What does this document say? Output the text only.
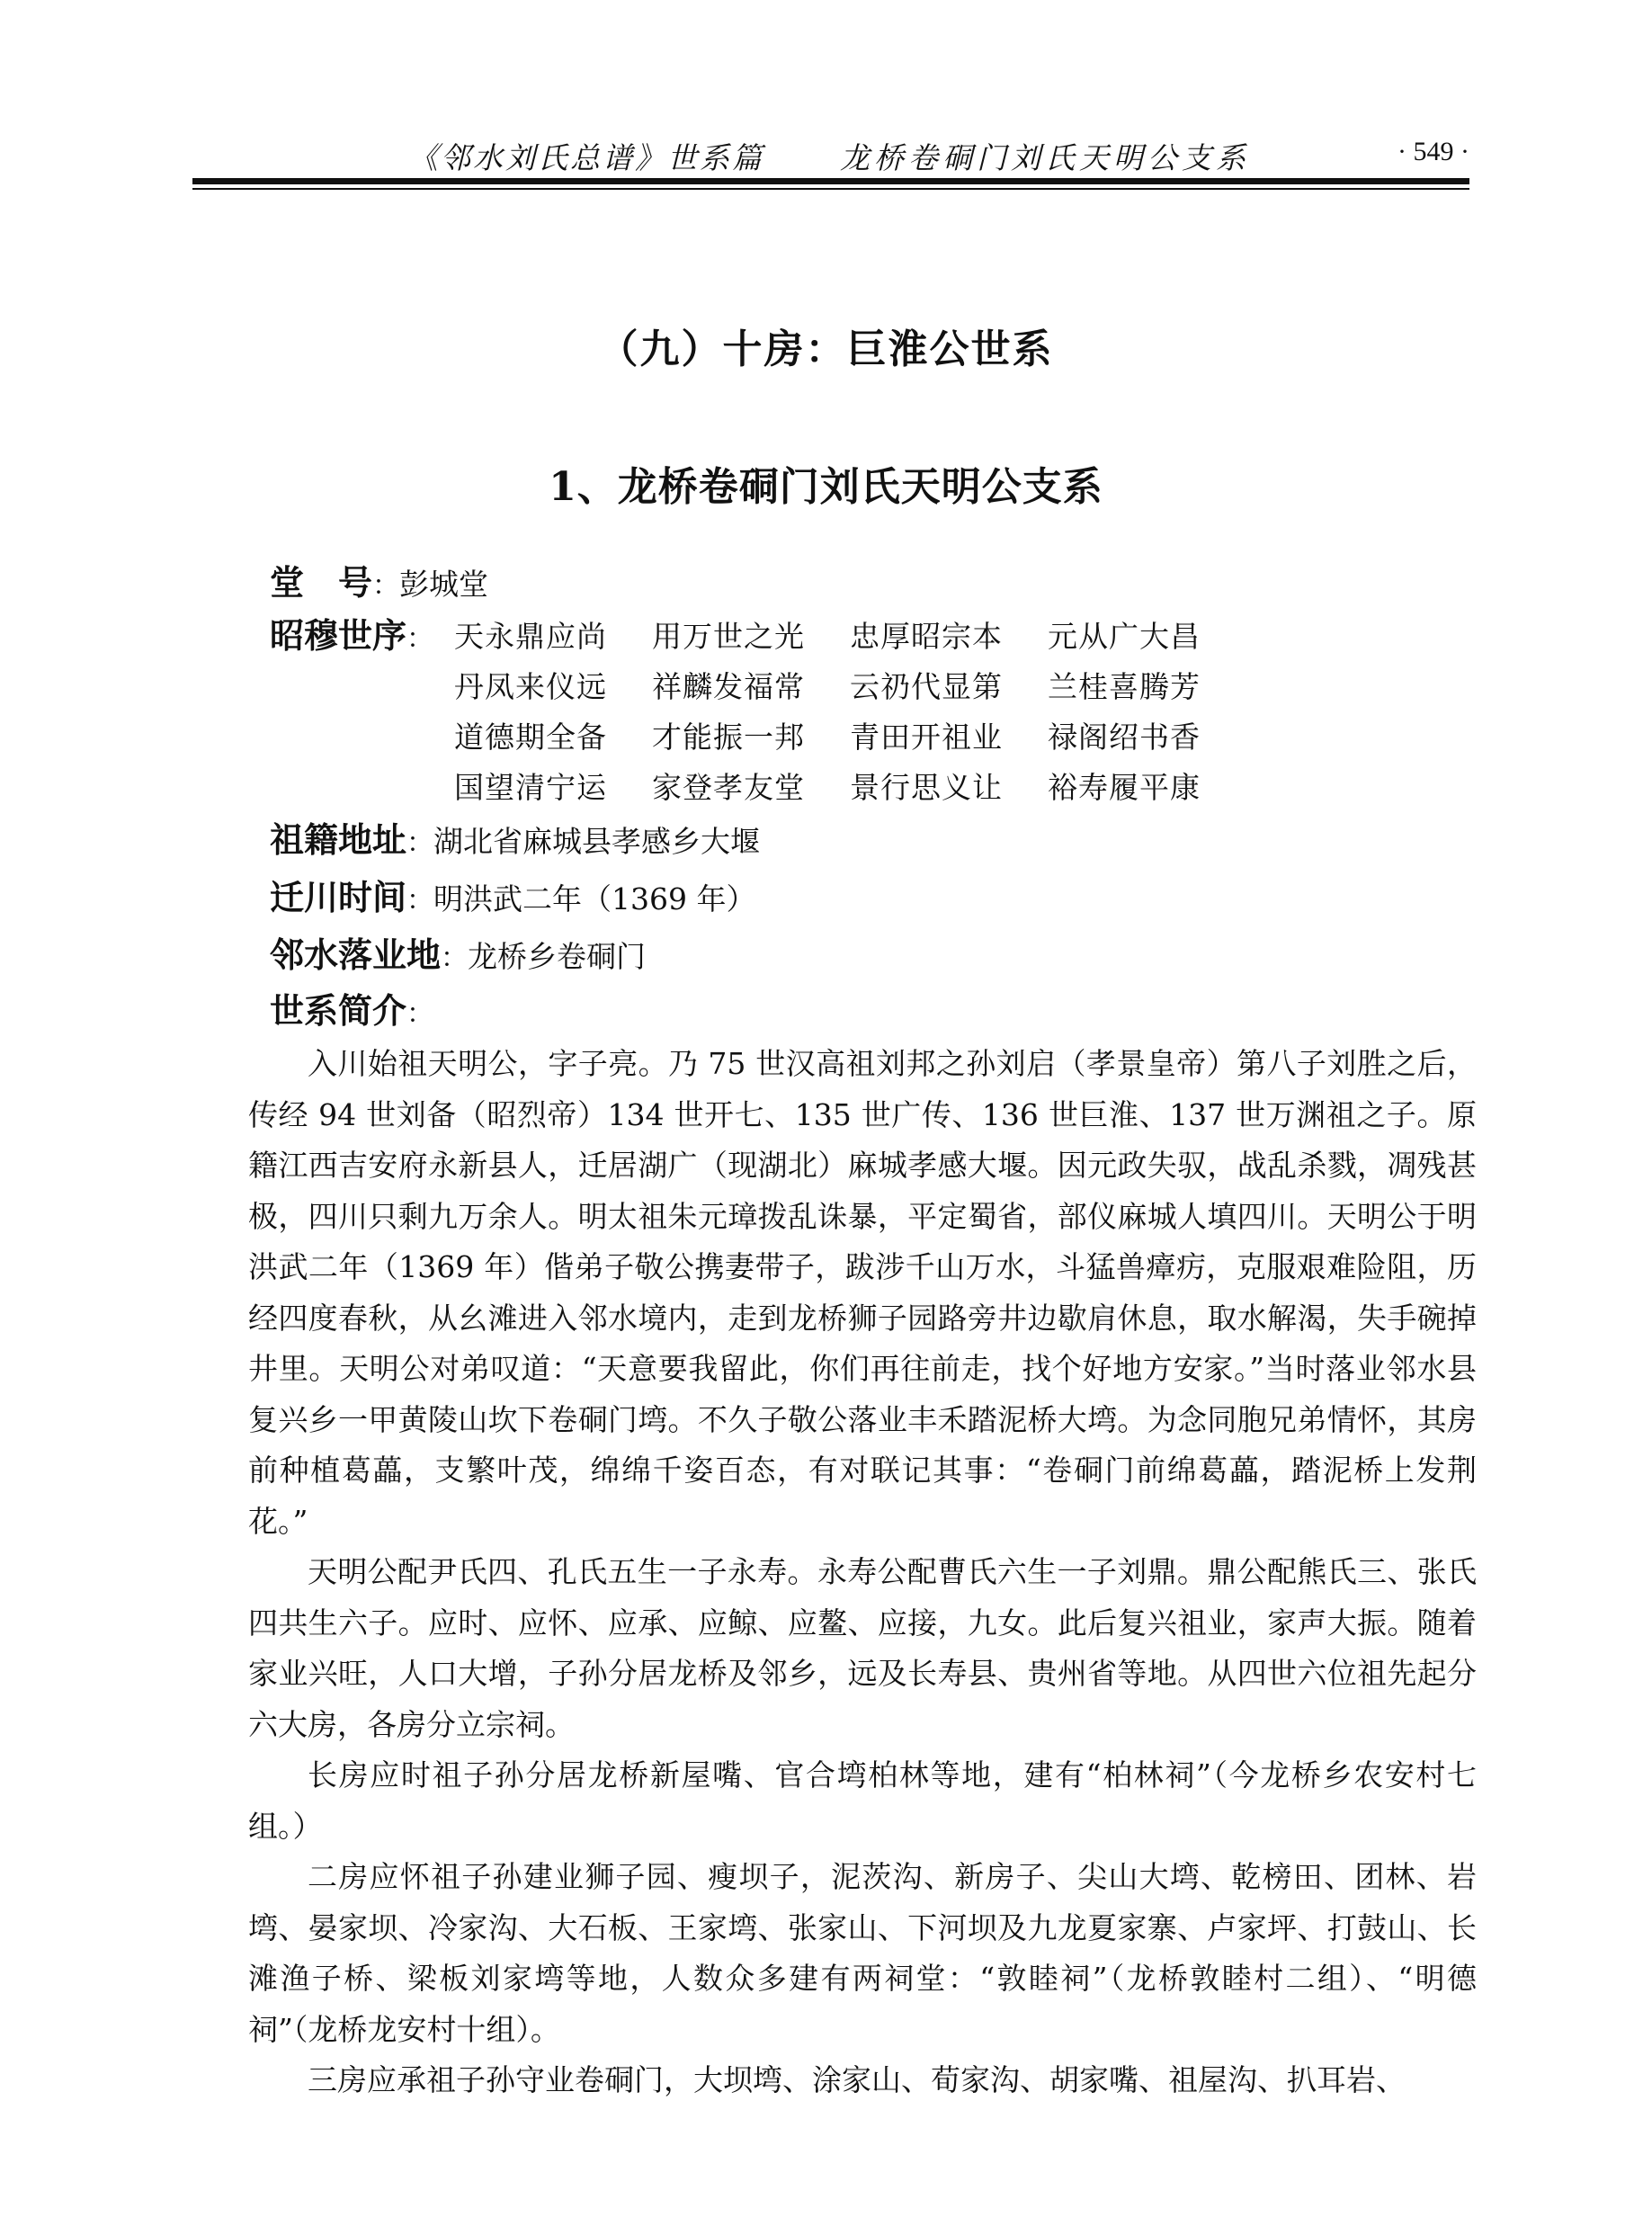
《邻水刘氏总谱》世系篇	龙桥卷硐门刘氏天明公支系	· 549 ·
（九）十房：巨淮公世系
1、龙桥卷硐门刘氏天明公支系
堂　号：彭城堂
昭穆世序： 天永鼎应尚 用万世之光 忠厚昭宗本 元从广大昌
丹凤来仪远 祥麟发福常 云礽代显第 兰桂喜腾芳
道德期全备 才能振一邦 青田开祖业 禄阁绍书香
国望清宁运 家登孝友堂 景行思义让 裕寿履平康
祖籍地址：湖北省麻城县孝感乡大堰
迁川时间：明洪武二年（1369 年）
邻水落业地：龙桥乡卷硐门
世系简介：

入川始祖天明公，字子亮。乃 75 世汉高祖刘邦之孙刘启（孝景皇帝）第八子刘胜之后，传经 94 世刘备（昭烈帝）134 世开七、135 世广传、136 世巨淮、137 世万渊祖之子。原籍江西吉安府永新县人，迁居湖广（现湖北）麻城孝感大堰。因元政失驭，战乱杀戮，凋残甚极，四川只剩九万余人。明太祖朱元璋拨乱诛暴，平定蜀省，部仪麻城人填四川。天明公于明洪武二年（1369 年）偕弟子敬公携妻带子，跋涉千山万水，斗猛兽瘴疠，克服艰难险阻，历经四度春秋，从幺滩进入邻水境内，走到龙桥狮子园路旁井边歇肩休息，取水解渴，失手碗掉井里。天明公对弟叹道：“天意要我留此，你们再往前走，找个好地方安家。”当时落业邻水县复兴乡一甲黄陵山坎下卷硐门塆。不久子敬公落业丰禾踏泥桥大塆。为念同胞兄弟情怀，其房前种植葛藟，支繁叶茂，绵绵千姿百态，有对联记其事：“卷硐门前绵葛藟，踏泥桥上发荆花。”

天明公配尹氏四、孔氏五生一子永寿。永寿公配曹氏六生一子刘鼎。鼎公配熊氏三、张氏四共生六子。应时、应怀、应承、应鲸、应鳌、应接，九女。此后复兴祖业，家声大振。随着家业兴旺，人口大增，子孙分居龙桥及邻乡，远及长寿县、贵州省等地。从四世六位祖先起分六大房，各房分立宗祠。

长房应时祖子孙分居龙桥新屋嘴、官合塆柏林等地，建有“柏林祠”（今龙桥乡农安村七组。）

二房应怀祖子孙建业狮子园、瘦坝子，泥茨沟、新房子、尖山大塆、乾榜田、团林、岩塆、晏家坝、冷家沟、大石板、王家塆、张家山、下河坝及九龙夏家寨、卢家坪、打鼓山、长滩渔子桥、梁板刘家塆等地，人数众多建有两祠堂：“敦睦祠”（龙桥敦睦村二组）、“明德祠”（龙桥龙安村十组）。

三房应承祖子孙守业卷硐门，大坝塆、涂家山、荀家沟、胡家嘴、祖屋沟、扒耳岩、
